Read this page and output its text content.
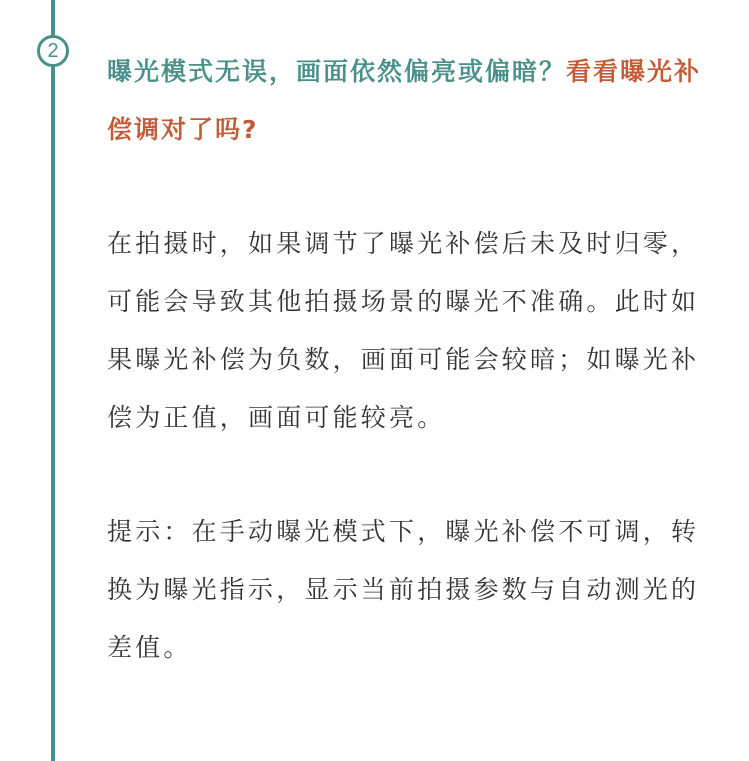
2

曝光模式无误，画面依然偏亮或偏暗？看看曝光补偿调对了吗?

在拍摄时，如果调节了曝光补偿后未及时归零，可能会导致其他拍摄场景的曝光不准确。此时如果曝光补偿为负数，画面可能会较暗；如曝光补偿为正值，画面可能较亮。

提示：在手动曝光模式下，曝光补偿不可调，转换为曝光指示，显示当前拍摄参数与自动测光的差值。
